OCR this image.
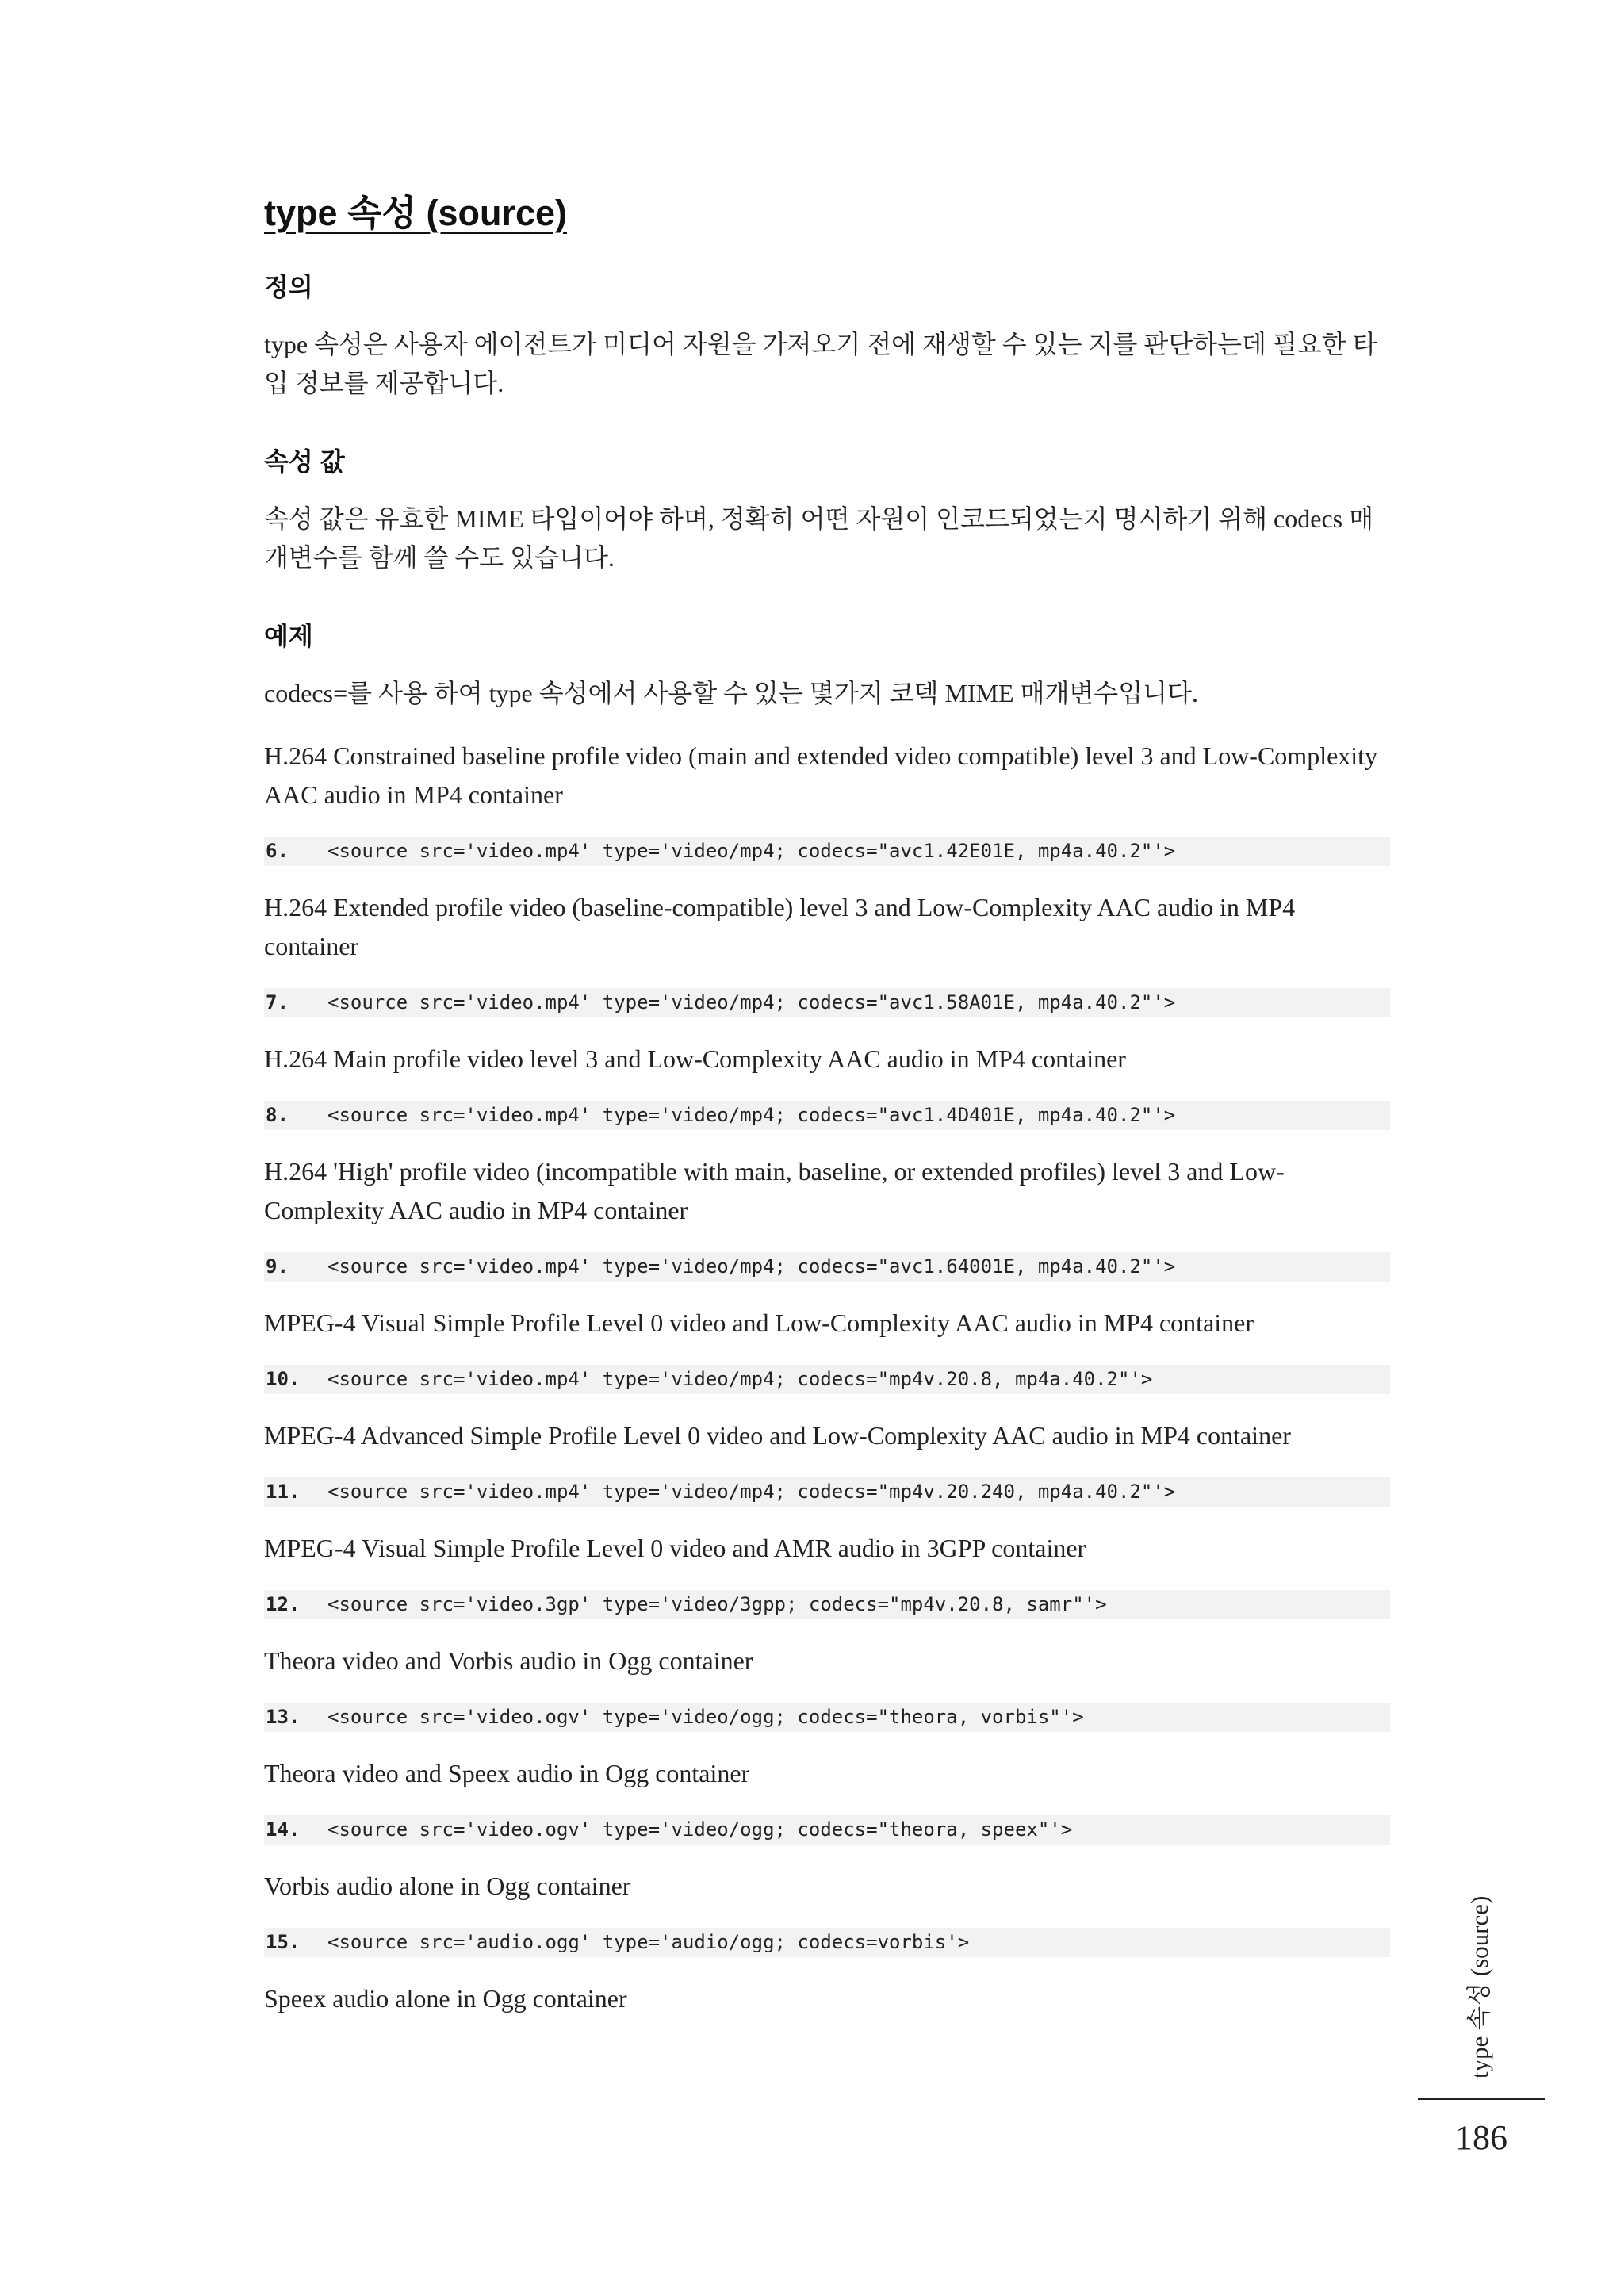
type 속성 (source)
정의

type 속성은 사용자 에이전트가 미디어 자원을 가져오기 전에 재생할 수 있는 지를 판단하는데 필요한 타입 정보를 제공합니다.

속성 값

속성 값은 유효한 MIME 타입이어야 하며, 정확히 어떤 자원이 인코드되었는지 명시하기 위해 codecs 매개변수를 함께 쓸 수도 있습니다.

예제

codecs=를 사용 하여 type 속성에서 사용할 수 있는 몇가지 코덱 MIME 매개변수입니다.

H.264 Constrained baseline profile video (main and extended video compatible) level 3 and Low-Complexity AAC audio in MP4 container

6. <source src='video.mp4' type='video/mp4; codecs="avc1.42E01E, mp4a.40.2"'>

H.264 Extended profile video (baseline-compatible) level 3 and Low-Complexity AAC audio in MP4 container

7. <source src='video.mp4' type='video/mp4; codecs="avc1.58A01E, mp4a.40.2"'>

H.264 Main profile video level 3 and Low-Complexity AAC audio in MP4 container

8. <source src='video.mp4' type='video/mp4; codecs="avc1.4D401E, mp4a.40.2"'>

H.264 'High' profile video (incompatible with main, baseline, or extended profiles) level 3 and Low-Complexity AAC audio in MP4 container

9. <source src='video.mp4' type='video/mp4; codecs="avc1.64001E, mp4a.40.2"'>

MPEG-4 Visual Simple Profile Level 0 video and Low-Complexity AAC audio in MP4 container

10. <source src='video.mp4' type='video/mp4; codecs="mp4v.20.8, mp4a.40.2"'>

MPEG-4 Advanced Simple Profile Level 0 video and Low-Complexity AAC audio in MP4 container

11. <source src='video.mp4' type='video/mp4; codecs="mp4v.20.240, mp4a.40.2"'>

MPEG-4 Visual Simple Profile Level 0 video and AMR audio in 3GPP container

12. <source src='video.3gp' type='video/3gpp; codecs="mp4v.20.8, samr"'>

Theora video and Vorbis audio in Ogg container

13. <source src='video.ogv' type='video/ogg; codecs="theora, vorbis"'>

Theora video and Speex audio in Ogg container

14. <source src='video.ogv' type='video/ogg; codecs="theora, speex"'>

Vorbis audio alone in Ogg container

15. <source src='audio.ogg' type='audio/ogg; codecs=vorbis'>

Speex audio alone in Ogg container	type 속성 (source)
186
